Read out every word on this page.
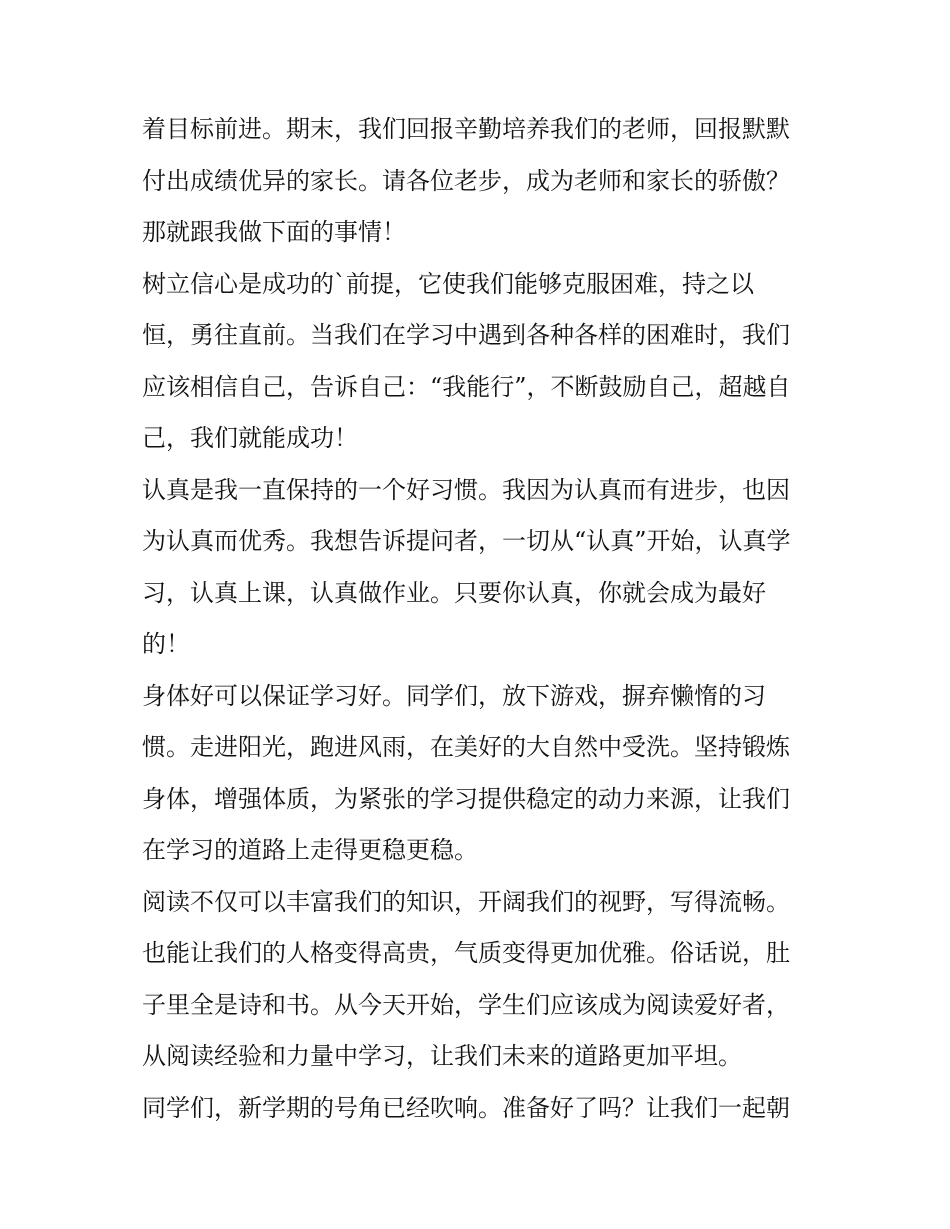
着目标前进。期末，我们回报辛勤培养我们的老师，回报默默
付出成绩优异的家长。请各位老步，成为老师和家长的骄傲？
那就跟我做下面的事情！
树立信心是成功的`前提，它使我们能够克服困难，持之以
恒，勇往直前。当我们在学习中遇到各种各样的困难时，我们
应该相信自己，告诉自己：“我能行”，不断鼓励自己，超越自
己，我们就能成功！
认真是我一直保持的一个好习惯。我因为认真而有进步，也因
为认真而优秀。我想告诉提问者，一切从“认真”开始，认真学
习，认真上课，认真做作业。只要你认真，你就会成为最好
的！
身体好可以保证学习好。同学们，放下游戏，摒弃懒惰的习
惯。走进阳光，跑进风雨，在美好的大自然中受洗。坚持锻炼
身体，增强体质，为紧张的学习提供稳定的动力来源，让我们
在学习的道路上走得更稳更稳。
阅读不仅可以丰富我们的知识，开阔我们的视野，写得流畅。
也能让我们的人格变得高贵，气质变得更加优雅。俗话说，肚
子里全是诗和书。从今天开始，学生们应该成为阅读爱好者，
从阅读经验和力量中学习，让我们未来的道路更加平坦。
同学们，新学期的号角已经吹响。准备好了吗？让我们一起朝
